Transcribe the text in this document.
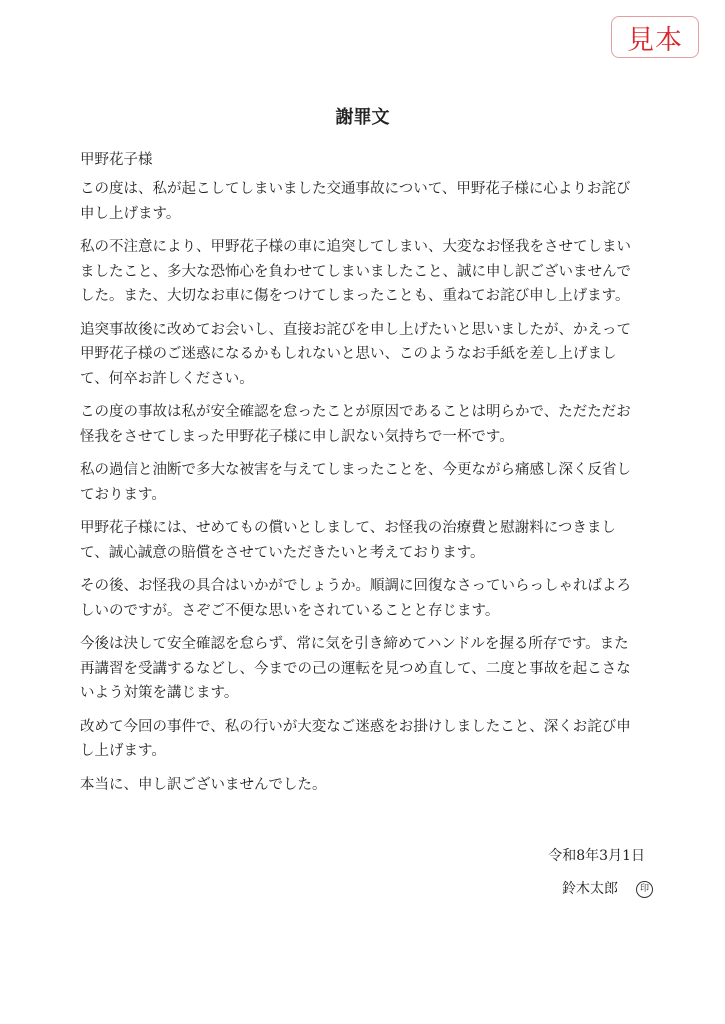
見本
謝罪文
甲野花子様

この度は、私が起こしてしまいました交通事故について、甲野花子様に心よりお詫び
申し上げます。

私の不注意により、甲野花子様の車に追突してしまい、大変なお怪我をさせてしまい
ましたこと、多大な恐怖心を負わせてしまいましたこと、誠に申し訳ございませんで
した。また、大切なお車に傷をつけてしまったことも、重ねてお詫び申し上げます。

追突事故後に改めてお会いし、直接お詫びを申し上げたいと思いましたが、かえって
甲野花子様のご迷惑になるかもしれないと思い、このようなお手紙を差し上げまし
て、何卒お許しください。

この度の事故は私が安全確認を怠ったことが原因であることは明らかで、ただただお
怪我をさせてしまった甲野花子様に申し訳ない気持ちで一杯です。

私の過信と油断で多大な被害を与えてしまったことを、今更ながら痛感し深く反省し
ております。

甲野花子様には、せめてもの償いとしまして、お怪我の治療費と慰謝料につきまし
て、誠心誠意の賠償をさせていただきたいと考えております。

その後、お怪我の具合はいかがでしょうか。順調に回復なさっていらっしゃればよろ
しいのですが。さぞご不便な思いをされていることと存じます。

今後は決して安全確認を怠らず、常に気を引き締めてハンドルを握る所存です。また
再講習を受講するなどし、今までの己の運転を見つめ直して、二度と事故を起こさな
いよう対策を講じます。

改めて今回の事件で、私の行いが大変なご迷惑をお掛けしましたこと、深くお詫び申
し上げます。

本当に、申し訳ございませんでした。

令和8年3月1日
鈴木太郎 印
